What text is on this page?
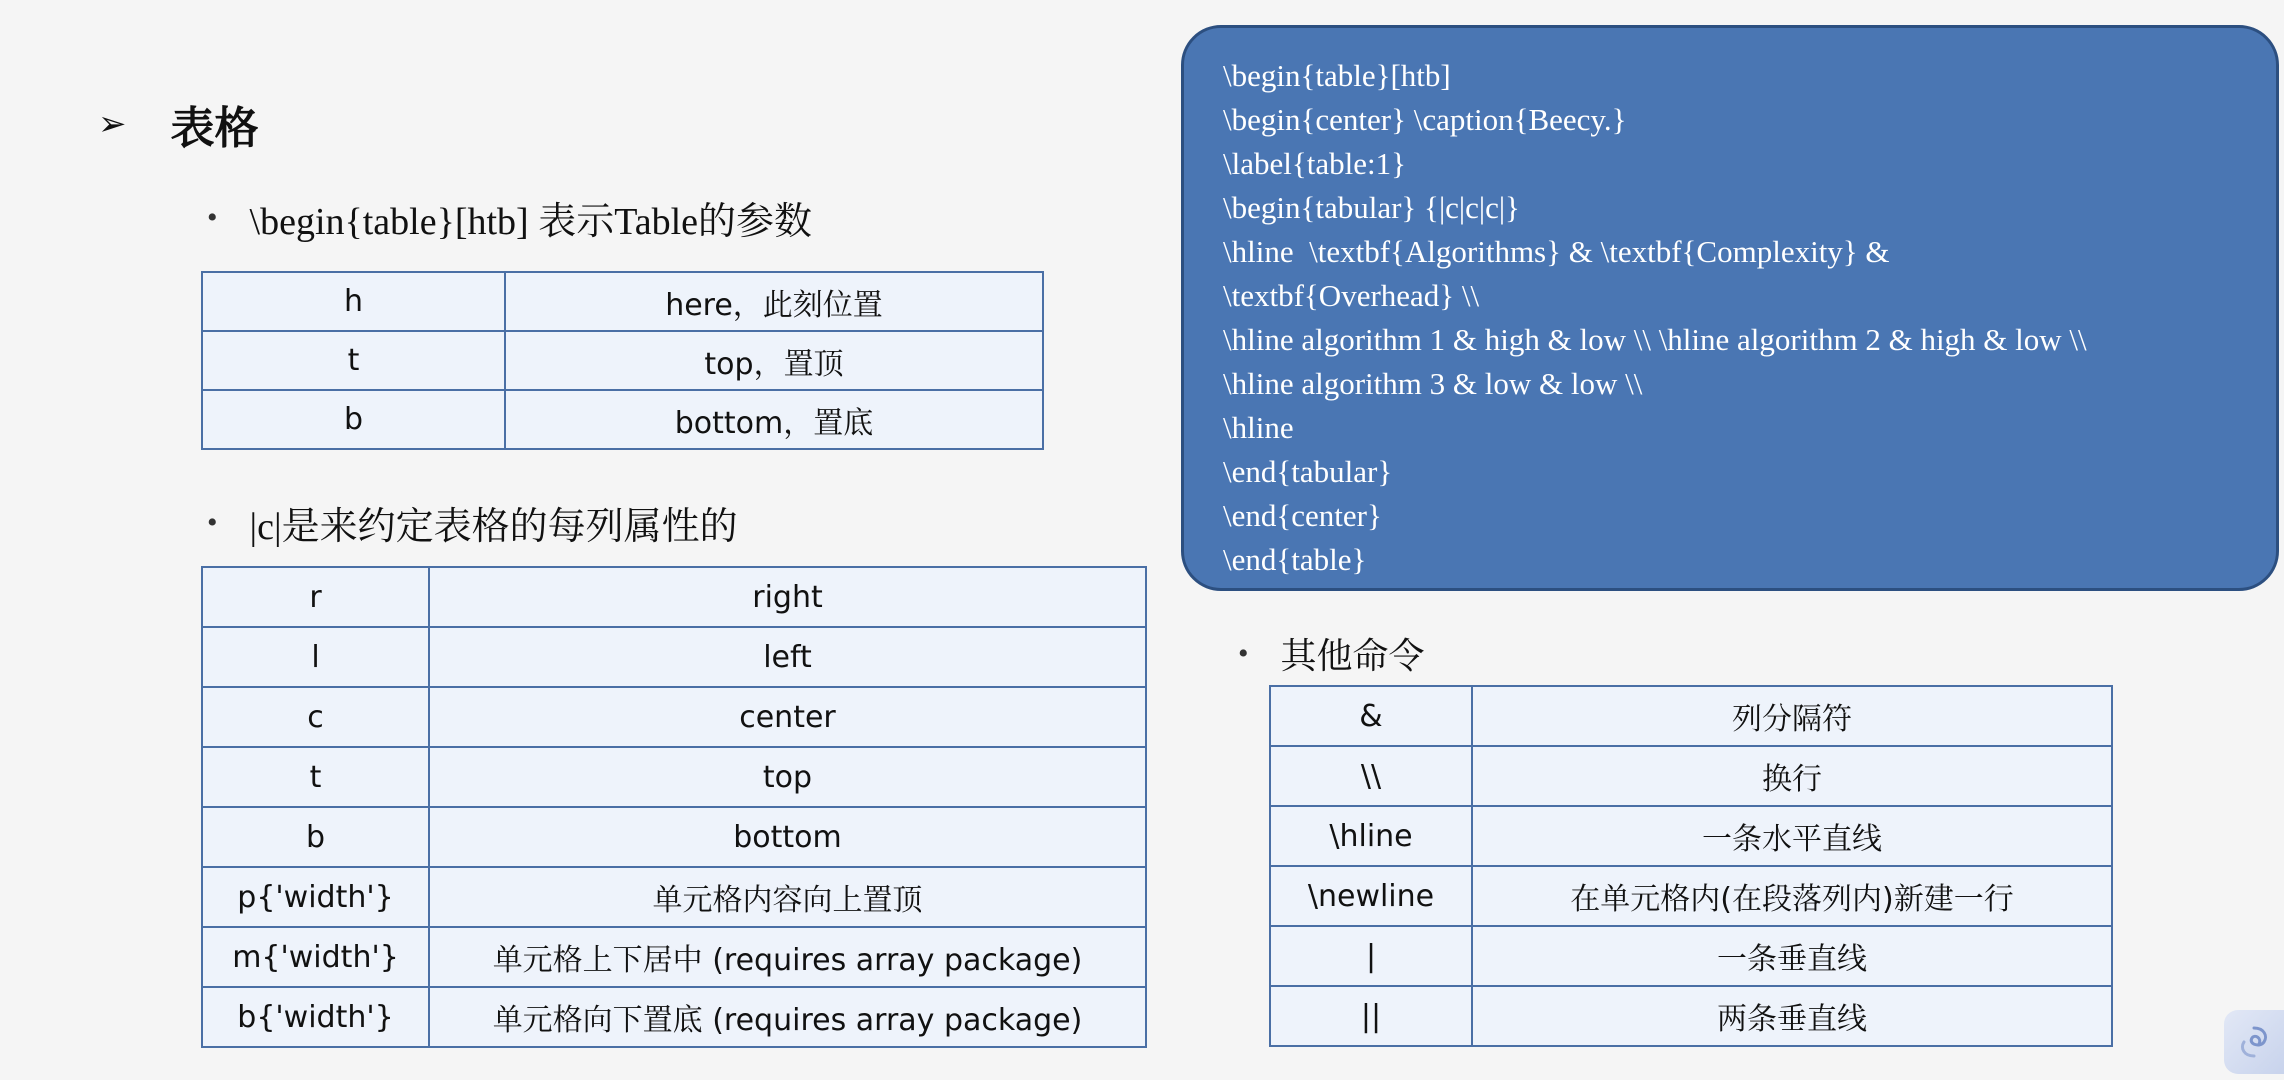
➢ 表格
• \begin{table}[htb] 表示Table的参数
h	here，此刻位置
t	top，置顶
b	bottom，置底
• |c|是来约定表格的每列属性的
r	right
l	left
c	center
t	top
b	bottom
p{'width'}	单元格内容向上置顶
m{'width'}	单元格上下居中 (requires array package)
b{'width'}	单元格向下置底 (requires array package)
\begin{table}[htb]
\begin{center} \caption{Beecy.}
\label{table:1}
\begin{tabular} {|c|c|c|}
\hline  \textbf{Algorithms} & \textbf{Complexity} &
\textbf{Overhead} \\
\hline algorithm 1 & high & low \\ \hline algorithm 2 & high & low \\
\hline algorithm 3 & low & low \\
\hline
\end{tabular}
\end{center}
\end{table}
• 其他命令
&	列分隔符
\\	换行
\hline	一条水平直线
\newline	在单元格内(在段落列内)新建一行
|	一条垂直线
||	两条垂直线
